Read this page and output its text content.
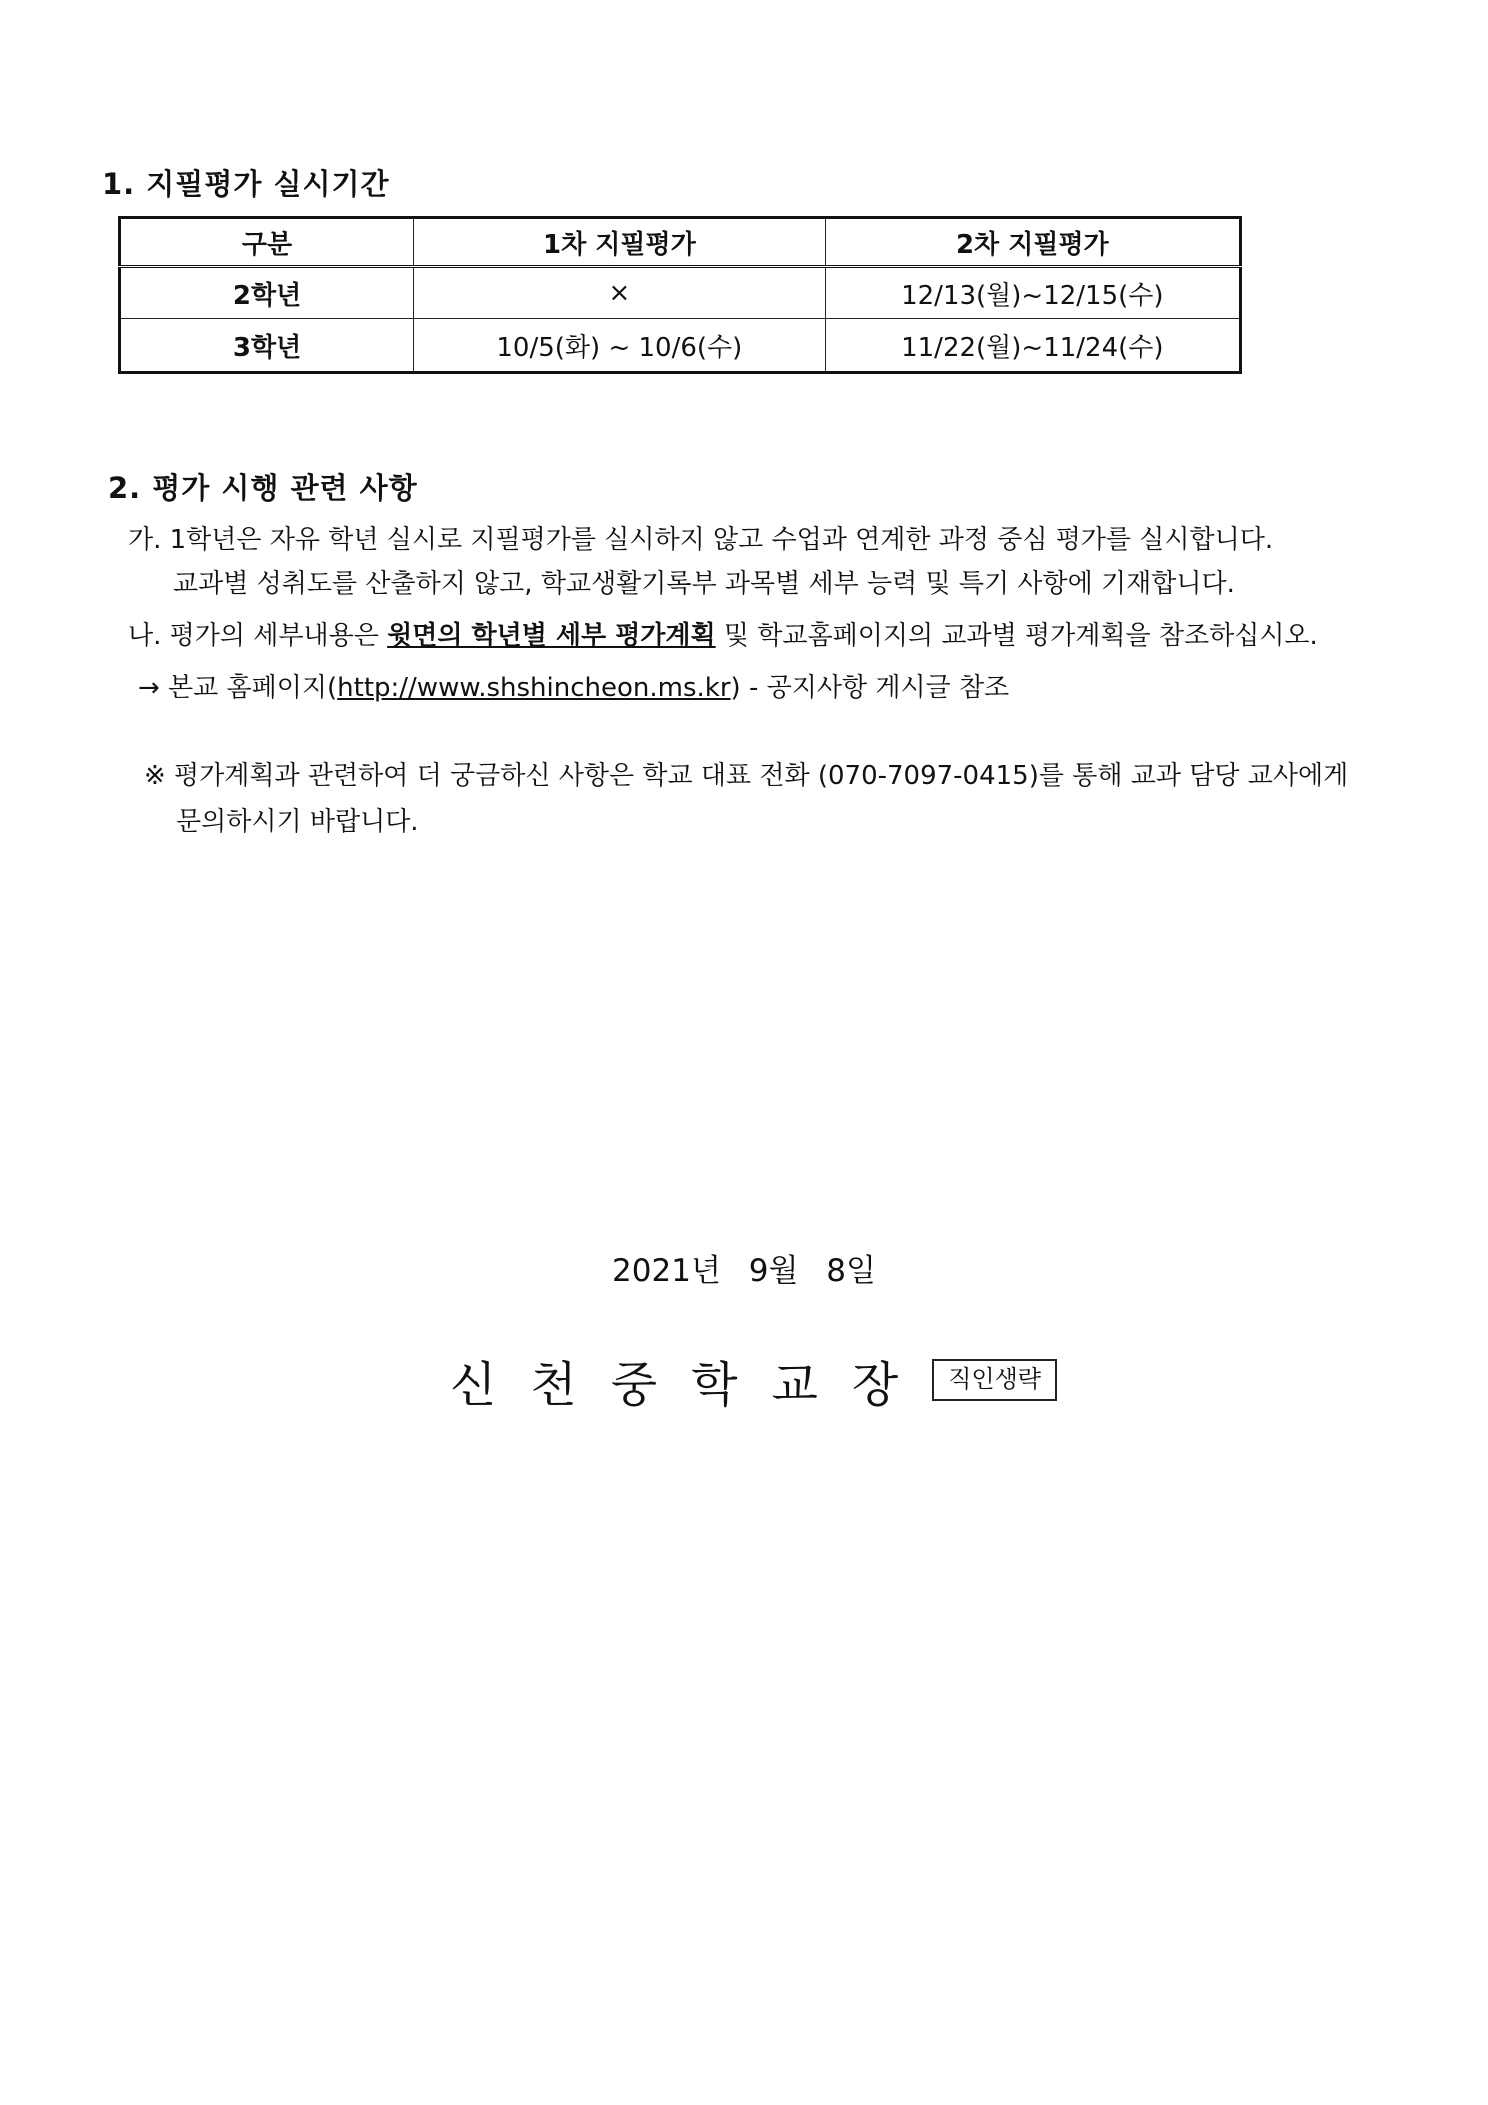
1. 지필평가 실시기간
구분	1차 지필평가	2차 지필평가
2학년	×	12/13(월)~12/15(수)
3학년	10/5(화) ~ 10/6(수)	11/22(월)~11/24(수)
2. 평가 시행 관련 사항
가. 1학년은 자유 학년 실시로 지필평가를 실시하지 않고 수업과 연계한 과정 중심 평가를 실시합니다.
교과별 성취도를 산출하지 않고, 학교생활기록부 과목별 세부 능력 및 특기 사항에 기재합니다.
나. 평가의 세부내용은 윗면의 학년별 세부 평가계획 및 학교홈페이지의 교과별 평가계획을 참조하십시오.
→ 본교 홈페이지(http://www.shshincheon.ms.kr) - 공지사항 게시글 참조
※ 평가계획과 관련하여 더 궁금하신 사항은 학교 대표 전화 (070-7097-0415)를 통해 교과 담당 교사에게
문의하시기 바랍니다.
2021년 9월 8일
신천중학교장 직인생략
